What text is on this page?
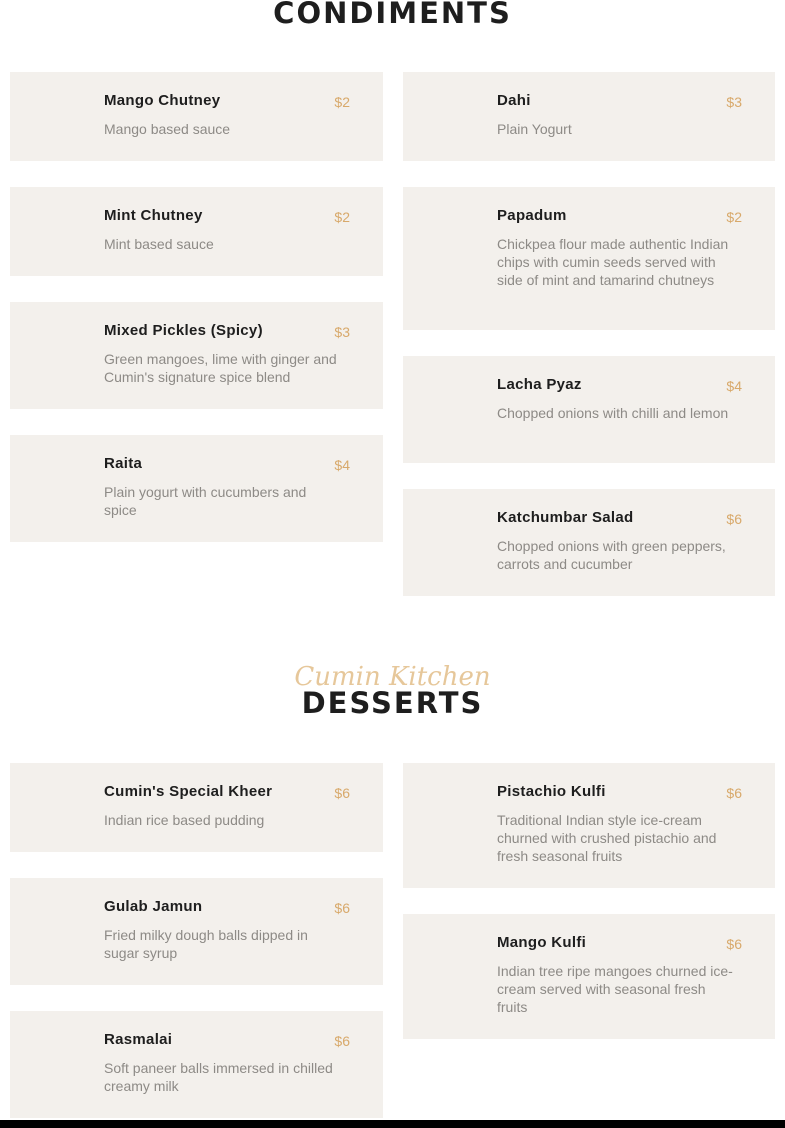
CONDIMENTS
Mango Chutney	$2
Mango based sauce
Mint Chutney	$2
Mint based sauce
Mixed Pickles (Spicy)	$3
Green mangoes, lime with ginger and Cumin's signature spice blend
Raita	$4
Plain yogurt with cucumbers and spice
Dahi	$3
Plain Yogurt
Papadum	$2
Chickpea flour made authentic Indian chips with cumin seeds served with side of mint and tamarind chutneys
Lacha Pyaz	$4
Chopped onions with chilli and lemon
Katchumbar Salad	$6
Chopped onions with green peppers, carrots and cucumber
Cumin Kitchen
DESSERTS
Cumin's Special Kheer	$6
Indian rice based pudding
Gulab Jamun	$6
Fried milky dough balls dipped in sugar syrup
Rasmalai	$6
Soft paneer balls immersed in chilled creamy milk
Pistachio Kulfi	$6
Traditional Indian style ice-cream churned with crushed pistachio and fresh seasonal fruits
Mango Kulfi	$6
Indian tree ripe mangoes churned ice-cream served with seasonal fresh fruits
